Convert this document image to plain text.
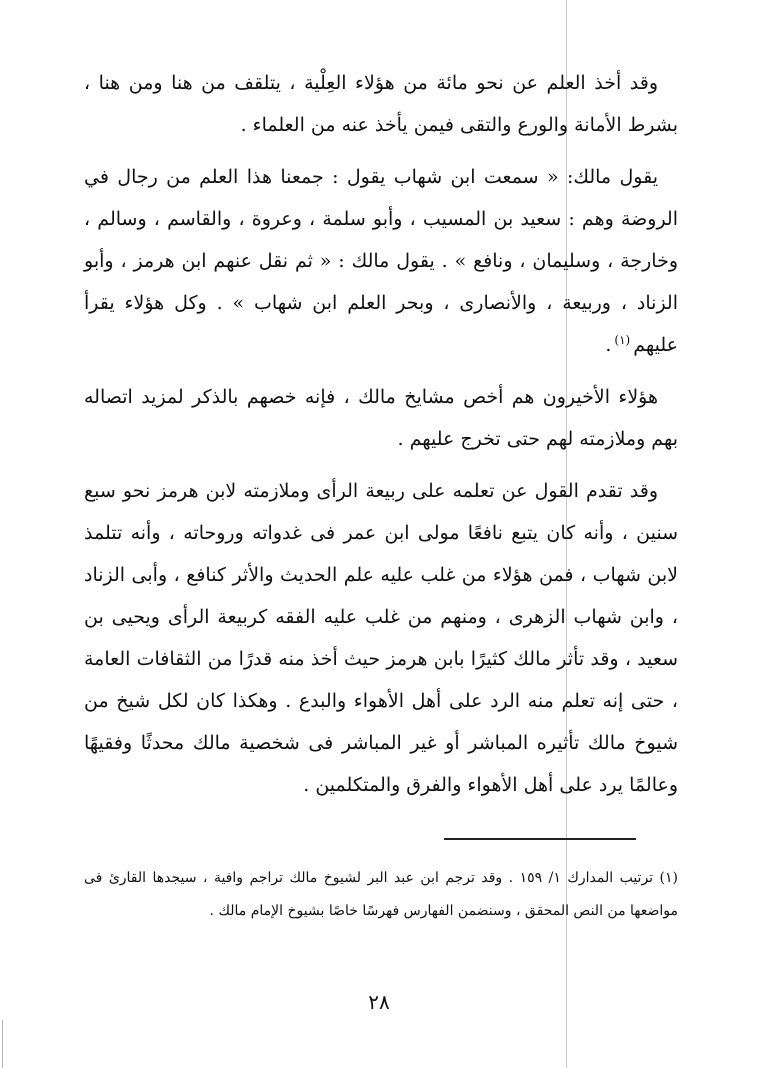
وقد أخذ العلم عن نحو مائة من هؤلاء العِلْية ، يتلقف من هنا ومن هنا ، بشرط الأمانة والورع والتقى فيمن يأخذ عنه من العلماء .

يقول مالك: « سمعت ابن شهاب يقول : جمعنا هذا العلم من رجال في الروضة وهم : سعيد بن المسيب ، وأبو سلمة ، وعروة ، والقاسم ، وسالم ، وخارجة ، وسليمان ، ونافع » . يقول مالك : « ثم نقل عنهم ابن هرمز ، وأبو الزناد ، وربيعة ، والأنصارى ، وبحر العلم ابن شهاب » . وكل هؤلاء يقرأ عليهم$^{(١)}$.

هؤلاء الأخيرون هم أخص مشايخ مالك ، فإنه خصهم بالذكر لمزيد اتصاله بهم وملازمته لهم حتى تخرج عليهم .

وقد تقدم القول عن تعلمه على ربيعة الرأى وملازمته لابن هرمز نحو سبع سنين ، وأنه كان يتبع نافعًا مولى ابن عمر فى غدواته وروحاته ، وأنه تتلمذ لابن شهاب ، فمن هؤلاء من غلب عليه علم الحديث والأثر كنافع ، وأبى الزناد ، وابن شهاب الزهرى ، ومنهم من غلب عليه الفقه كربيعة الرأى ويحيى بن سعيد ، وقد تأثر مالك كثيرًا بابن هرمز حيث أخذ منه قدرًا من الثقافات العامة ، حتى إنه تعلم منه الرد على أهل الأهواء والبدع . وهكذا كان لكل شيخ من شيوخ مالك تأثيره المباشر أو غير المباشر فى شخصية مالك محدثًا وفقيهًا وعالمًا يرد على أهل الأهواء والفرق والمتكلمين .

(١) ترتيب المدارك ١/ ١٥٩ . وقد ترجم ابن عبد البر لشيوخ مالك تراجم وافية ، سيجدها القارئ فى مواضعها من النص المحقق ، وسنضمن الفهارس فهرسًا خاصًا بشيوخ الإمام مالك .

٢٨
